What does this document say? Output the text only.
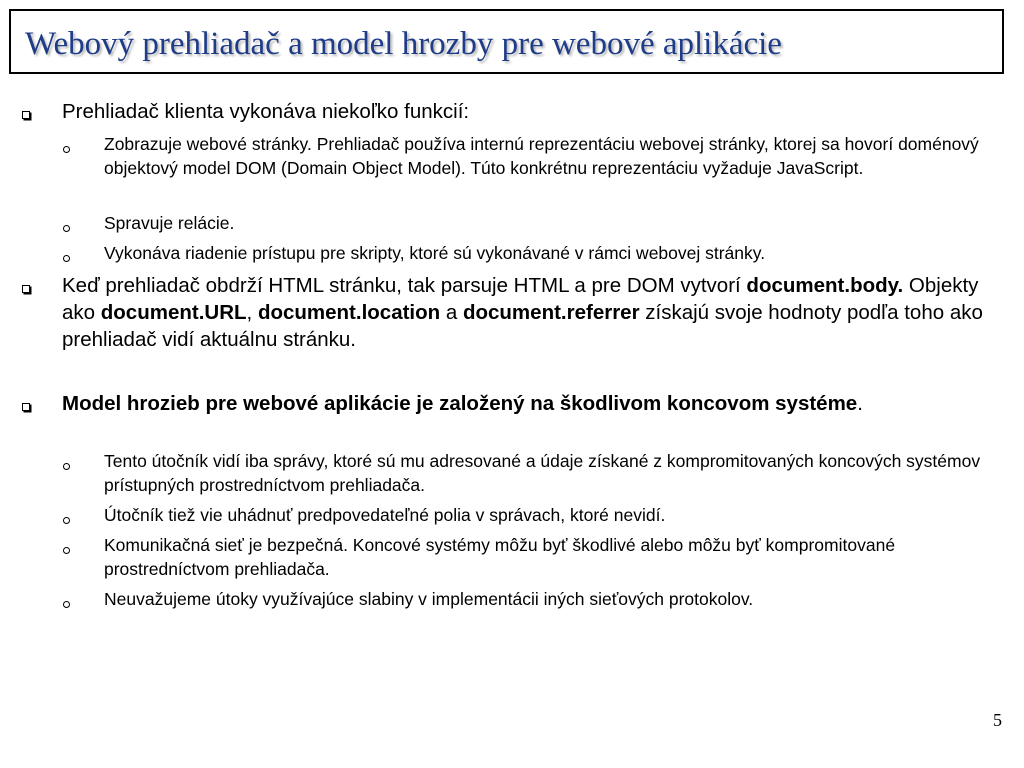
Webový prehliadač a model hrozby pre webové aplikácie
Prehliadač klienta vykonáva niekoľko funkcií:
Zobrazuje webové stránky. Prehliadač používa internú reprezentáciu webovej stránky, ktorej sa hovorí doménový objektový model DOM (Domain Object Model). Túto konkrétnu reprezentáciu vyžaduje JavaScript.
Spravuje relácie.
Vykonáva riadenie prístupu pre skripty, ktoré sú vykonávané v rámci webovej stránky.
Keď prehliadač obdrží HTML stránku, tak parsuje HTML a pre DOM vytvorí document.body. Objekty ako document.URL, document.location a document.referrer získajú svoje hodnoty podľa toho ako prehliadač vidí aktuálnu stránku.
Model hrozieb pre webové aplikácie je založený na škodlivom koncovom systéme.
Tento útočník vidí iba správy, ktoré sú mu adresované a údaje získané z kompromitovaných koncových systémov prístupných prostredníctvom prehliadača.
Útočník tiež vie uhádnuť predpovedateľné polia v správach, ktoré nevidí.
Komunikačná sieť je bezpečná. Koncové systémy môžu byť škodlivé alebo môžu byť kompromitované prostredníctvom prehliadača.
Neuvažujeme útoky využívajúce slabiny v implementácii iných sieťových protokolov.
5
